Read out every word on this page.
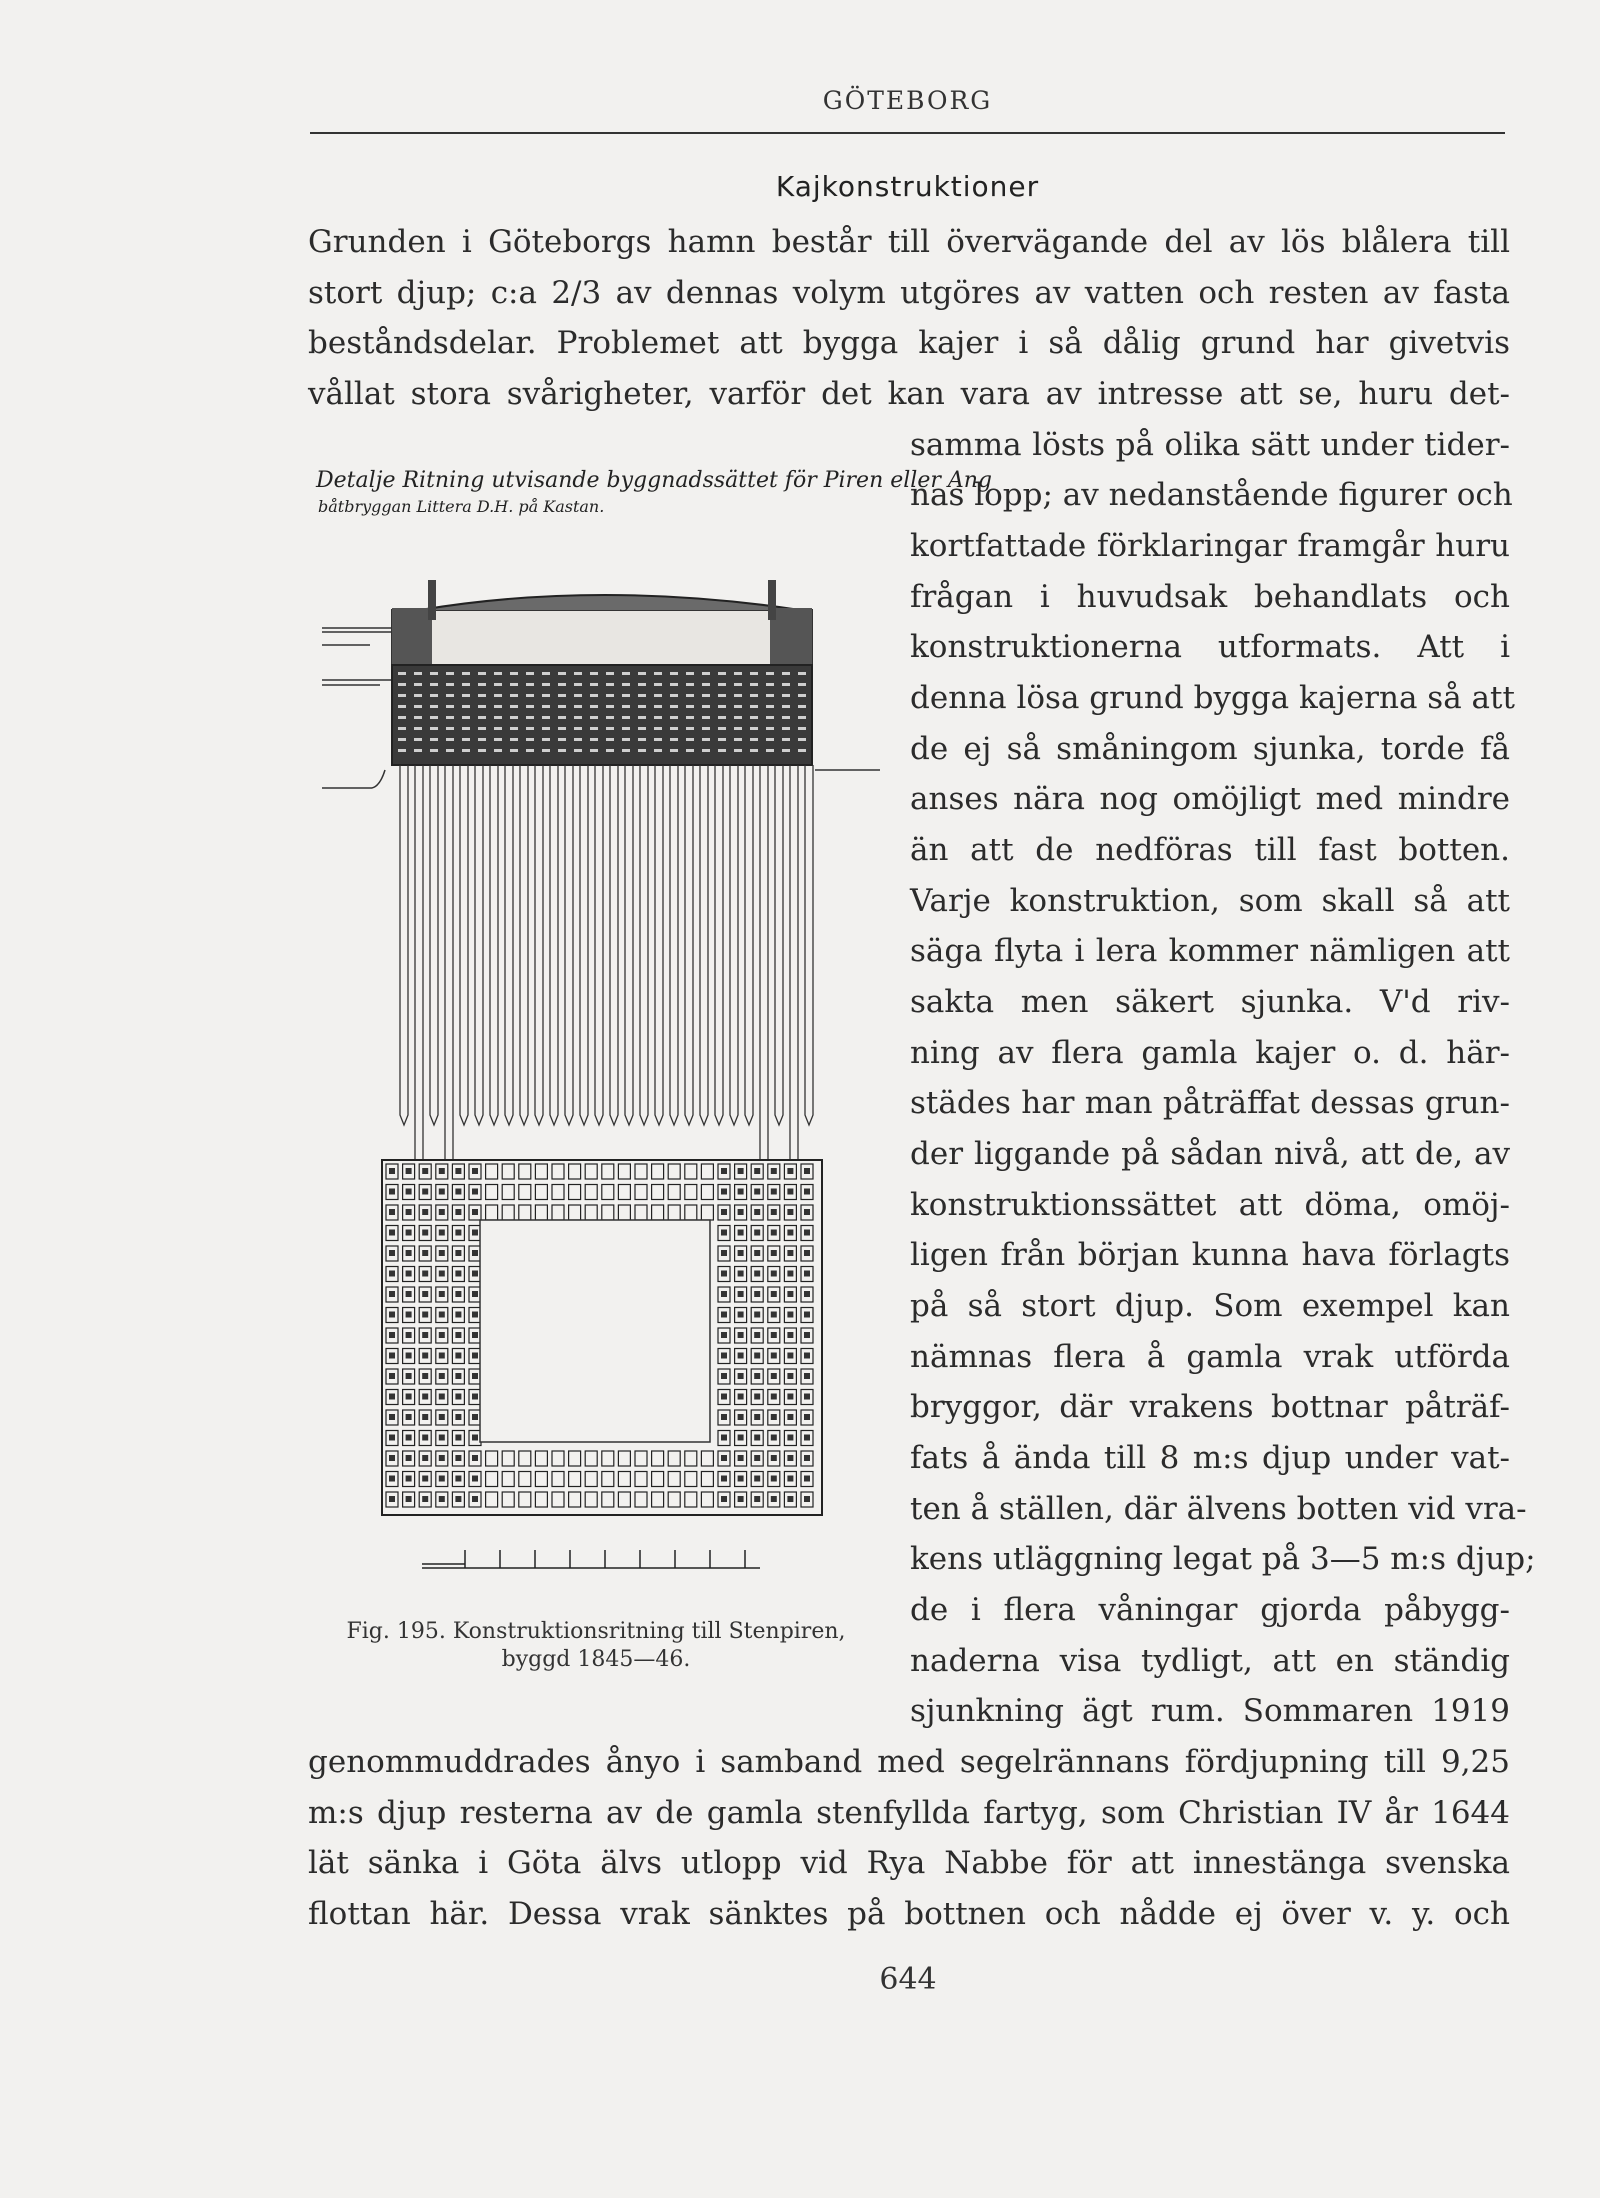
GÖTEBORG
Kajkonstruktioner
Grunden i Göteborgs hamn består till övervägande del av lös blålera till
stort djup; c:a 2/3 av dennas volym utgöres av vatten och resten av fasta
beståndsdelar. Problemet att bygga kajer i så dålig grund har givetvis
vållat stora svårigheter, varför det kan vara av intresse att se, huru det-
samma lösts på olika sätt under tider-
nas lopp; av nedanstående figurer och
kortfattade förklaringar framgår huru
frågan i huvudsak behandlats och
konstruktionerna utformats. Att i
denna lösa grund bygga kajerna så att
de ej så småningom sjunka, torde få
anses nära nog omöjligt med mindre
än att de nedföras till fast botten.
Varje konstruktion, som skall så att
säga flyta i lera kommer nämligen att
sakta men säkert sjunka. V'd riv-
ning av flera gamla kajer o. d. här-
städes har man påträffat dessas grun-
der liggande på sådan nivå, att de, av
konstruktionssättet att döma, omöj-
ligen från början kunna hava förlagts
på så stort djup. Som exempel kan
nämnas flera å gamla vrak utförda
bryggor, där vrakens bottnar påträf-
fats å ända till 8 m:s djup under vat-
ten å ställen, där älvens botten vid vra-
kens utläggning legat på 3—5 m:s djup;
de i flera våningar gjorda påbygg-
naderna visa tydligt, att en ständig
sjunkning ägt rum. Sommaren 1919
genommuddrades ånyo i samband med segelrännans fördjupning till 9,25
m:s djup resterna av de gamla stenfyllda fartyg, som Christian IV år 1644
lät sänka i Göta älvs utlopp vid Rya Nabbe för att innestänga svenska
flottan här. Dessa vrak sänktes på bottnen och nådde ej över v. y. och
Detalje Ritning utvisande byggnadssättet för Piren eller Ang
båtbryggan Littera D.H. på Kastan.
Fig. 195. Konstruktionsritning till Stenpiren,
byggd 1845—46.
644
